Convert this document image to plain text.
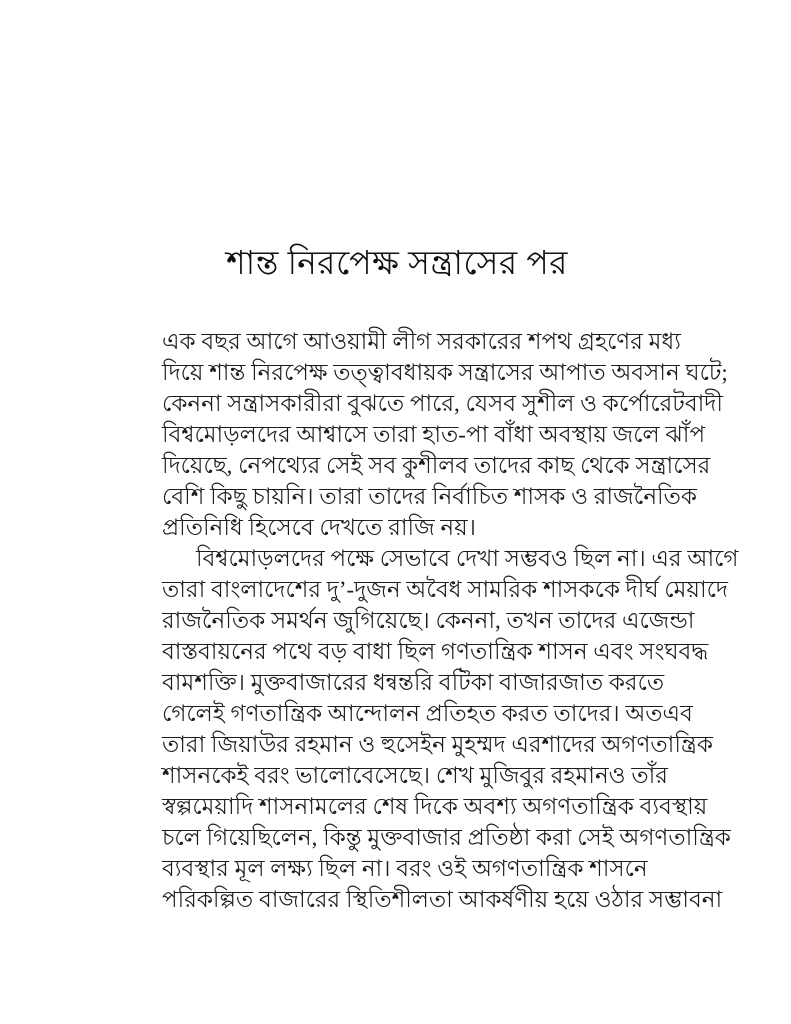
শান্ত নিরপেক্ষ সন্ত্রাসের পর
এক বছর আগে আওয়ামী লীগ সরকারের শপথ গ্রহণের মধ্য
দিয়ে শান্ত নিরপেক্ষ তত্ত্বাবধায়ক সন্ত্রাসের আপাত অবসান ঘটে;
কেননা সন্ত্রাসকারীরা বুঝতে পারে, যেসব সুশীল ও কর্পোরেটবাদী
বিশ্বমোড়লদের আশ্বাসে তারা হাত-পা বাঁধা অবস্থায় জলে ঝাঁপ
দিয়েছে, নেপথ্যের সেই সব কুশীলব তাদের কাছ থেকে সন্ত্রাসের
বেশি কিছু চায়নি। তারা তাদের নির্বাচিত শাসক ও রাজনৈতিক
প্রতিনিধি হিসেবে দেখতে রাজি নয়।
বিশ্বমোড়লদের পক্ষে সেভাবে দেখা সম্ভবও ছিল না। এর আগে
তারা বাংলাদেশের দু’-দুজন অবৈধ সামরিক শাসককে দীর্ঘ মেয়াদে
রাজনৈতিক সমর্থন জুগিয়েছে। কেননা, তখন তাদের এজেন্ডা
বাস্তবায়নের পথে বড় বাধা ছিল গণতান্ত্রিক শাসন এবং সংঘবদ্ধ
বামশক্তি। মুক্তবাজারের ধন্বন্তরি বটিকা বাজারজাত করতে
গেলেই গণতান্ত্রিক আন্দোলন প্রতিহত করত তাদের। অতএব
তারা জিয়াউর রহমান ও হুসেইন মুহম্মদ এরশাদের অগণতান্ত্রিক
শাসনকেই বরং ভালোবেসেছে। শেখ মুজিবুর রহমানও তাঁর
স্বল্পমেয়াদি শাসনামলের শেষ দিকে অবশ্য অগণতান্ত্রিক ব্যবস্থায়
চলে গিয়েছিলেন, কিন্তু মুক্তবাজার প্রতিষ্ঠা করা সেই অগণতান্ত্রিক
ব্যবস্থার মূল লক্ষ্য ছিল না। বরং ওই অগণতান্ত্রিক শাসনে
পরিকল্পিত বাজারের স্থিতিশীলতা আকর্ষণীয় হয়ে ওঠার সম্ভাবনা
